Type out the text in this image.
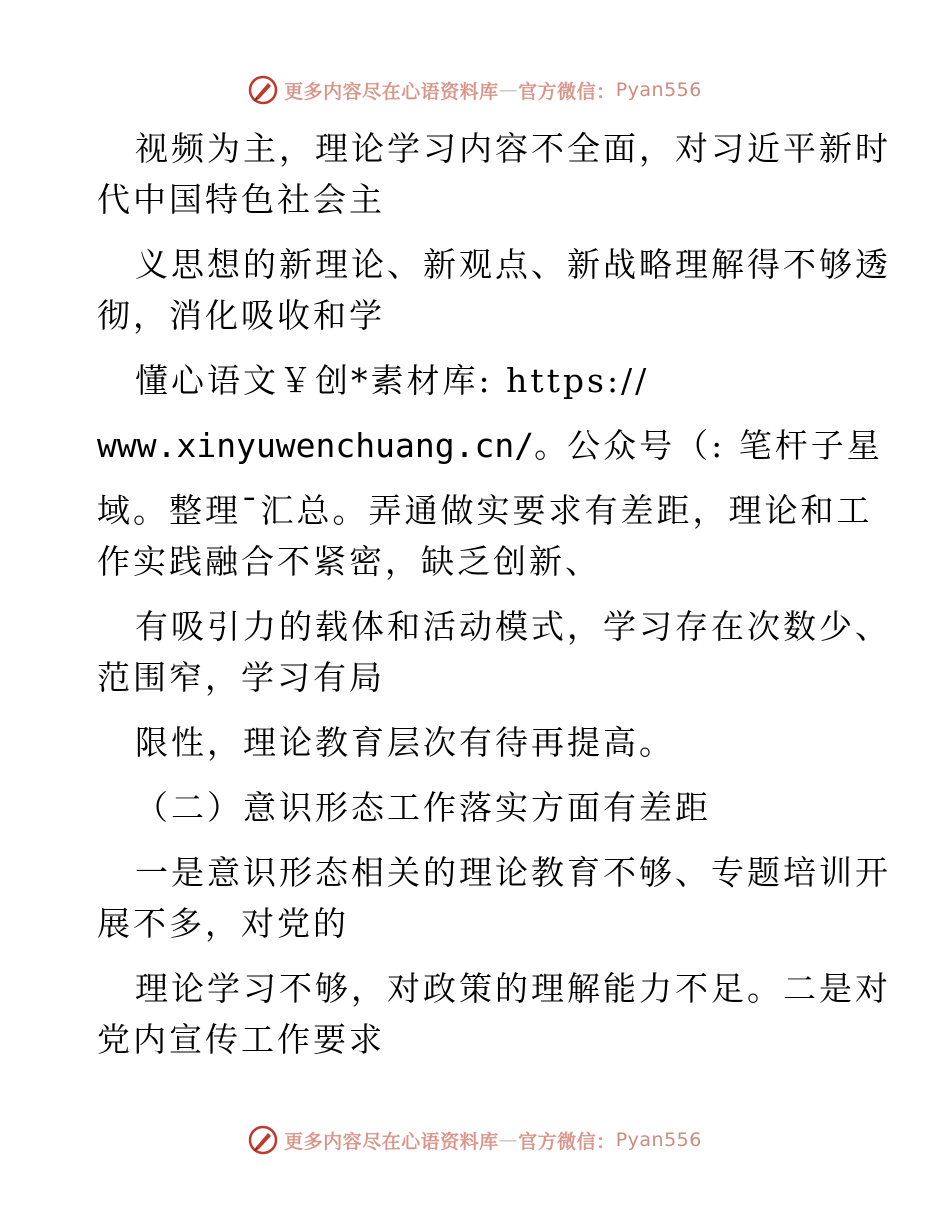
更多内容尽在心语资料库 — 官方微信： Pyan556
视频为主，理论学习内容不全面，对习近平新时
代中国特色社会主
义思想的新理论、新观点、新战略理解得不够透
彻，消化吸收和学
懂心语文￥创*素材库: https://
www.xinyuwenchuang.cn/。公众号（: 笔杆子星
域。整理¯汇总。弄通做实要求有差距，理论和工
作实践融合不紧密，缺乏创新、
有吸引力的载体和活动模式，学习存在次数少、
范围窄，学习有局
限性，理论教育层次有待再提高。
（二）意识形态工作落实方面有差距
一是意识形态相关的理论教育不够、专题培训开
展不多，对党的
理论学习不够，对政策的理解能力不足。二是对
党内宣传工作要求
更多内容尽在心语资料库 — 官方微信： Pyan556
